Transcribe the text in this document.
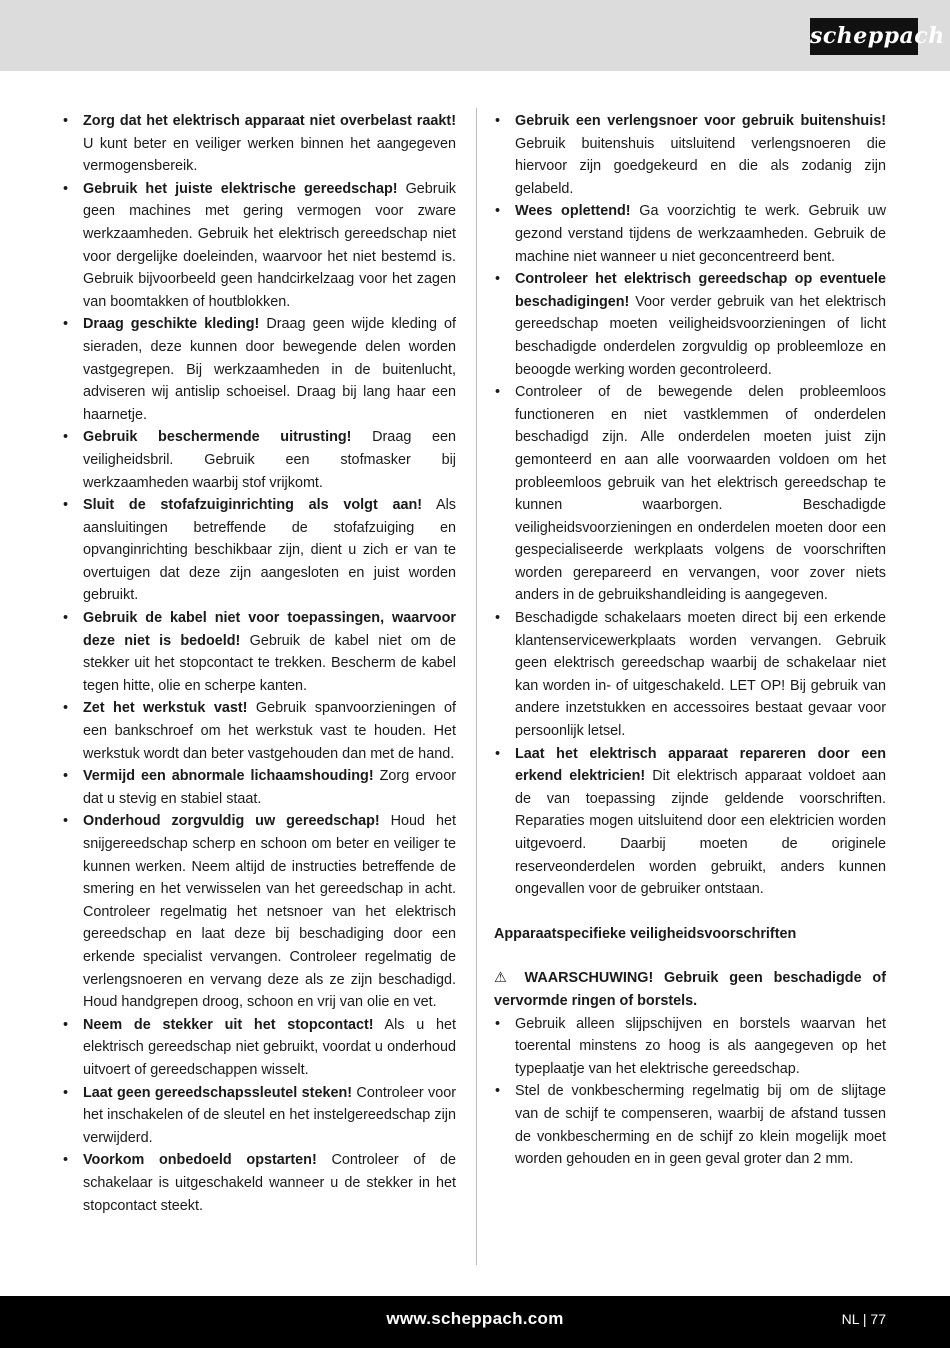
scheppach
• Zorg dat het elektrisch apparaat niet overbelast raakt! U kunt beter en veiliger werken binnen het aangegeven vermogensbereik.
• Gebruik het juiste elektrische gereedschap! Gebruik geen machines met gering vermogen voor zware werkzaamheden. Gebruik het elektrisch gereedschap niet voor dergelijke doeleinden, waarvoor het niet bestemd is. Gebruik bijvoorbeeld geen handcirkelzaag voor het zagen van boomtakken of houtblokken.
• Draag geschikte kleding! Draag geen wijde kleding of sieraden, deze kunnen door bewegende delen worden vastgegrepen. Bij werkzaamheden in de buitenlucht, adviseren wij antislip schoeisel. Draag bij lang haar een haarnetje.
• Gebruik beschermende uitrusting! Draag een veiligheidsbril. Gebruik een stofmasker bij werkzaamheden waarbij stof vrijkomt.
• Sluit de stofafzuiginrichting als volgt aan! Als aansluitingen betreffende de stofafzuiging en opvanginrichting beschikbaar zijn, dient u zich er van te overtuigen dat deze zijn aangesloten en juist worden gebruikt.
• Gebruik de kabel niet voor toepassingen, waarvoor deze niet is bedoeld! Gebruik de kabel niet om de stekker uit het stopcontact te trekken. Bescherm de kabel tegen hitte, olie en scherpe kanten.
• Zet het werkstuk vast! Gebruik spanvoorzieningen of een bankschroef om het werkstuk vast te houden. Het werkstuk wordt dan beter vastgehouden dan met de hand.
• Vermijd een abnormale lichaamshouding! Zorg ervoor dat u stevig en stabiel staat.
• Onderhoud zorgvuldig uw gereedschap! Houd het snijgereedschap scherp en schoon om beter en veiliger te kunnen werken. Neem altijd de instructies betreffende de smering en het verwisselen van het gereedschap in acht. Controleer regelmatig het netsnoer van het elektrisch gereedschap en laat deze bij beschadiging door een erkende specialist vervangen. Controleer regelmatig de verlengsnoeren en vervang deze als ze zijn beschadigd. Houd handgrepen droog, schoon en vrij van olie en vet.
• Neem de stekker uit het stopcontact! Als u het elektrisch gereedschap niet gebruikt, voordat u onderhoud uitvoert of gereedschappen wisselt.
• Laat geen gereedschapssleutel steken! Controleer voor het inschakelen of de sleutel en het instelgereedschap zijn verwijderd.
• Voorkom onbedoeld opstarten! Controleer of de schakelaar is uitgeschakeld wanneer u de stekker in het stopcontact steekt.
• Gebruik een verlengsnoer voor gebruik buitenshuis! Gebruik buitenshuis uitsluitend verlengsnoeren die hiervoor zijn goedgekeurd en die als zodanig zijn gelabeld.
• Wees oplettend! Ga voorzichtig te werk. Gebruik uw gezond verstand tijdens de werkzaamheden. Gebruik de machine niet wanneer u niet geconcentreerd bent.
• Controleer het elektrisch gereedschap op eventuele beschadigingen! Voor verder gebruik van het elektrisch gereedschap moeten veiligheidsvoorzieningen of licht beschadigde onderdelen zorgvuldig op probleemloze en beoogde werking worden gecontroleerd.
• Controleer of de bewegende delen probleemloos functioneren en niet vastklemmen of onderdelen beschadigd zijn. Alle onderdelen moeten juist zijn gemonteerd en aan alle voorwaarden voldoen om het probleemloos gebruik van het elektrisch gereedschap te kunnen waarborgen. Beschadigde veiligheidsvoorzieningen en onderdelen moeten door een gespecialiseerde werkplaats volgens de voorschriften worden gerepareerd en vervangen, voor zover niets anders in de gebruikshandleiding is aangegeven.
• Beschadigde schakelaars moeten direct bij een erkende klantenservicewerkplaats worden vervangen. Gebruik geen elektrisch gereedschap waarbij de schakelaar niet kan worden in- of uitgeschakeld. LET OP! Bij gebruik van andere inzetstukken en accessoires bestaat gevaar voor persoonlijk letsel.
• Laat het elektrisch apparaat repareren door een erkend elektricien! Dit elektrisch apparaat voldoet aan de van toepassing zijnde geldende voorschriften. Reparaties mogen uitsluitend door een elektricien worden uitgevoerd. Daarbij moeten de originele reserveonderdelen worden gebruikt, anders kunnen ongevallen voor de gebruiker ontstaan.
Apparaatspecifieke veiligheidsvoorschriften
⚠ WAARSCHUWING! Gebruik geen beschadigde of vervormde ringen of borstels.
• Gebruik alleen slijpschijven en borstels waarvan het toerental minstens zo hoog is als aangegeven op het typeplaatje van het elektrische gereedschap.
• Stel de vonkbescherming regelmatig bij om de slijtage van de schijf te compenseren, waarbij de afstand tussen de vonkbescherming en de schijf zo klein mogelijk moet worden gehouden en in geen geval groter dan 2 mm.
www.scheppach.com	NL | 77
